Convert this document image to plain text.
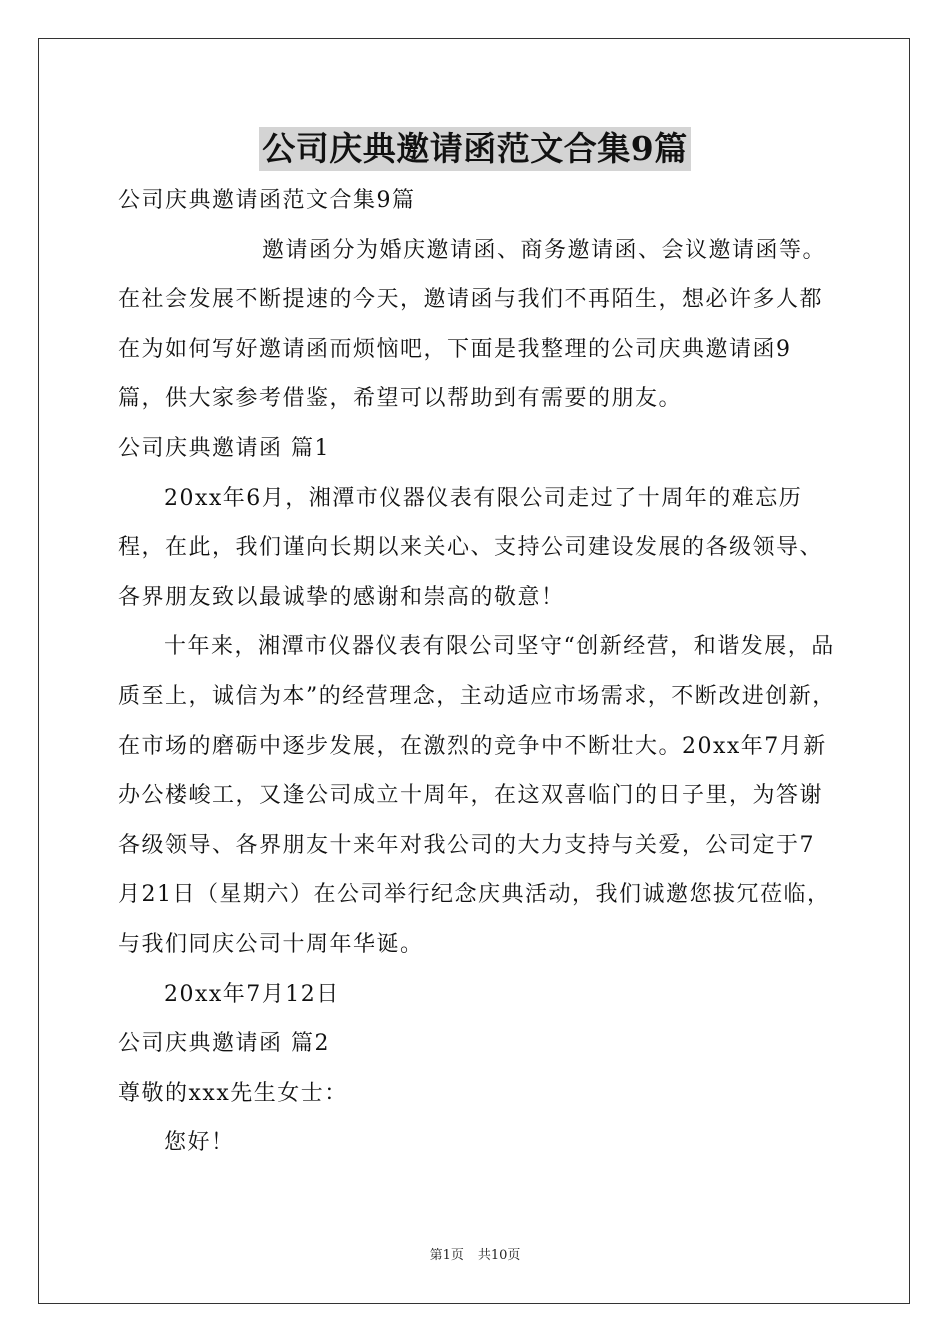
公司庆典邀请函范文合集9篇

公司庆典邀请函范文合集9篇

邀请函分为婚庆邀请函、商务邀请函、会议邀请函等。在社会发展不断提速的今天，邀请函与我们不再陌生，想必许多人都在为如何写好邀请函而烦恼吧，下面是我整理的公司庆典邀请函9篇，供大家参考借鉴，希望可以帮助到有需要的朋友。

公司庆典邀请函 篇1

20xx年6月，湘潭市仪器仪表有限公司走过了十周年的难忘历程，在此，我们谨向长期以来关心、支持公司建设发展的各级领导、各界朋友致以最诚挚的感谢和崇高的敬意！

十年来，湘潭市仪器仪表有限公司坚守“创新经营，和谐发展，品质至上，诚信为本”的经营理念，主动适应市场需求，不断改进创新，在市场的磨砺中逐步发展，在激烈的竞争中不断壮大。20xx年7月新办公楼峻工，又逢公司成立十周年，在这双喜临门的日子里，为答谢各级领导、各界朋友十来年对我公司的大力支持与关爱，公司定于7月21日（星期六）在公司举行纪念庆典活动，我们诚邀您拔冗莅临，与我们同庆公司十周年华诞。

20xx年7月12日

公司庆典邀请函 篇2

尊敬的xxx先生女士：

您好！

第1页 共10页
